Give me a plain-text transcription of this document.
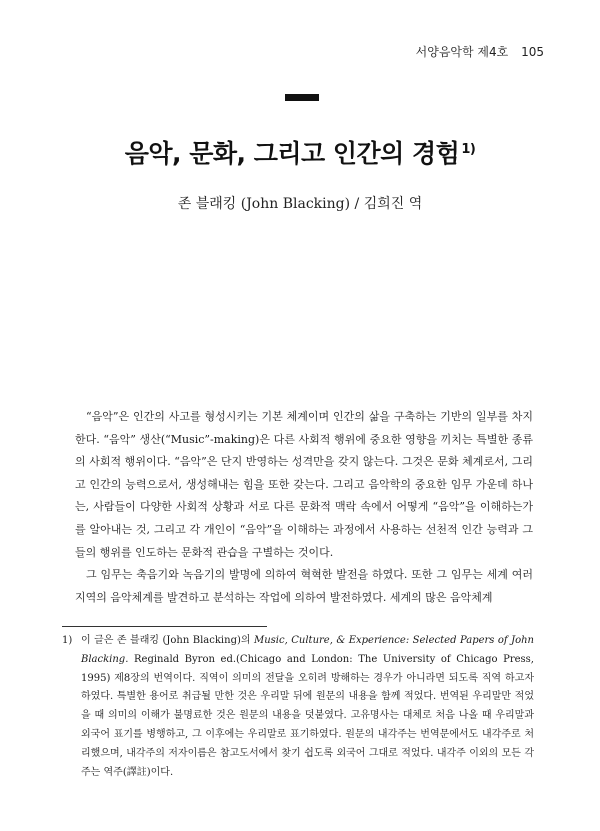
서양음악학 제4호 105
음악, 문화, 그리고 인간의 경험 $^{1)}$
존 블래킹 (John Blacking) / 김희진 역

“음악”은 인간의 사고를 형성시키는 기본 체계이며 인간의 삶을 구축하는 기반의 일부를 차지한다. “음악” 생산(“Music”-making)은 다른 사회적 행위에 중요한 영향을 끼치는 특별한 종류의 사회적 행위이다. “음악”은 단지 반영하는 성격만을 갖지 않는다. 그것은 문화 체계로서, 그리고 인간의 능력으로서, 생성해내는 힘을 또한 갖는다. 그리고 음악학의 중요한 임무 가운데 하나는, 사람들이 다양한 사회적 상황과 서로 다른 문화적 맥락 속에서 어떻게 “음악”을 이해하는가를 알아내는 것, 그리고 각 개인이 “음악”을 이해하는 과정에서 사용하는 선천적 인간 능력과 그들의 행위를 인도하는 문화적 관습을 구별하는 것이다.

그 임무는 축음기와 녹음기의 발명에 의하여 혁혁한 발전을 하였다. 또한 그 임무는 세계 여러 지역의 음악체계를 발견하고 분석하는 작업에 의하여 발전하였다. 세계의 많은 음악체계

1) 이 글은 존 블래킹 (John Blacking)의 Music, Culture, & Experience: Selected Papers of John Blacking. Reginald Byron ed.(Chicago and London: The University of Chicago Press, 1995) 제8장의 번역이다. 직역이 의미의 전달을 오히려 방해하는 경우가 아니라면 되도록 직역 하고자 하였다. 특별한 용어로 취급될 만한 것은 우리말 뒤에 원문의 내용을 함께 적었다. 번역된 우리말만 적었을 때 의미의 이해가 불명료한 것은 원문의 내용을 덧붙였다. 고유명사는 대체로 처음 나올 때 우리말과 외국어 표기를 병행하고, 그 이후에는 우리말로 표기하였다. 원문의 내각주는 번역문에서도 내각주로 처리했으며, 내각주의 저자이름은 참고도서에서 찾기 쉽도록 외국어 그대로 적었다. 내각주 이외의 모든 각주는 역주(譯註)이다.
